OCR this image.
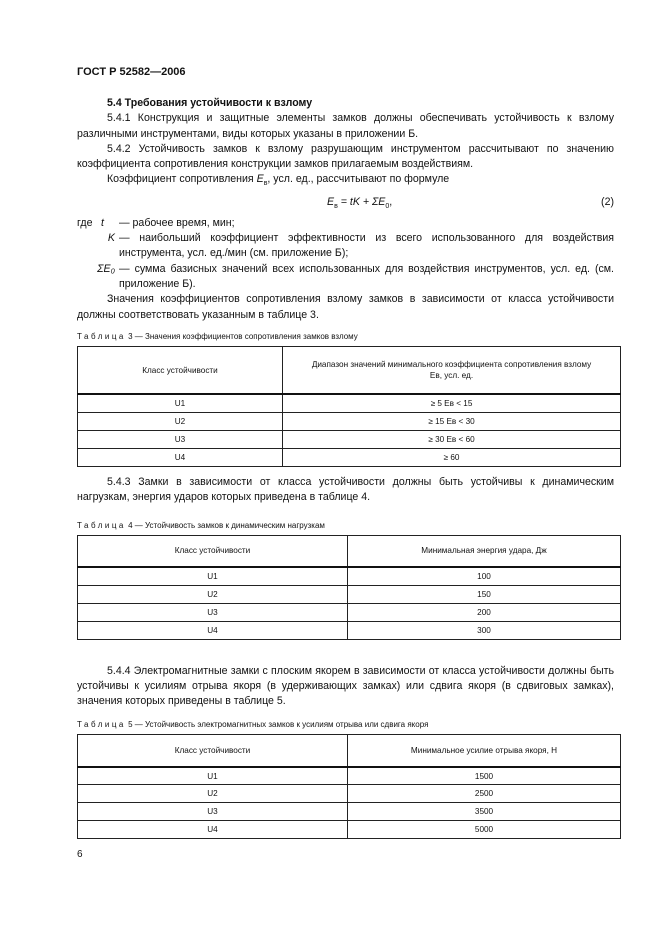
ГОСТ Р 52582—2006
5.4 Требования устойчивости к взлому
5.4.1 Конструкция и защитные элементы замков должны обеспечивать устойчивость к взлому различными инструментами, виды которых указаны в приложении Б.
5.4.2 Устойчивость замков к взлому разрушающим инструментом рассчитывают по значению коэффициента сопротивления конструкции замков прилагаемым воздействиям.
Коэффициент сопротивления $E_в$, усл. ед., рассчитывают по формуле
$E_в$ = tK + $\Sigma E_0$,	(2)
где t	— рабочее время, мин;
K — наибольший коэффициент эффективности из всего использованного для воздействия инструмента, усл. ед./мин (см. приложение Б);
ΣE₀ — сумма базисных значений всех использованных для воздействия инструментов, усл. ед. (см. приложение Б).
Значения коэффициентов сопротивления взлому замков в зависимости от класса устойчивости должны соответствовать указанным в таблице 3.
Таблица 3 — Значения коэффициентов сопротивления замков взлому
Класс устойчивости	Диапазон значений минимального коэффициента сопротивления взлому
Eв, усл. ед.
U1	≥ 5 Eв < 15
U2	≥ 15 Eв < 30
U3	≥ 30 Eв < 60
U4	≥ 60
5.4.3 Замки в зависимости от класса устойчивости должны быть устойчивы к динамическим нагрузкам, энергия ударов которых приведена в таблице 4.
Таблица 4 — Устойчивость замков к динамическим нагрузкам
Класс устойчивости	Минимальная энергия удара, Дж
U1	100
U2	150
U3	200
U4	300
5.4.4 Электромагнитные замки с плоским якорем в зависимости от класса устойчивости должны быть устойчивы к усилиям отрыва якоря (в удерживающих замках) или сдвига якоря (в сдвиговых замках), значения которых приведены в таблице 5.
Таблица 5 — Устойчивость электромагнитных замков к усилиям отрыва или сдвига якоря
Класс устойчивости	Минимальное усилие отрыва якоря, Н
U1	1500
U2	2500
U3	3500
U4	5000
6
